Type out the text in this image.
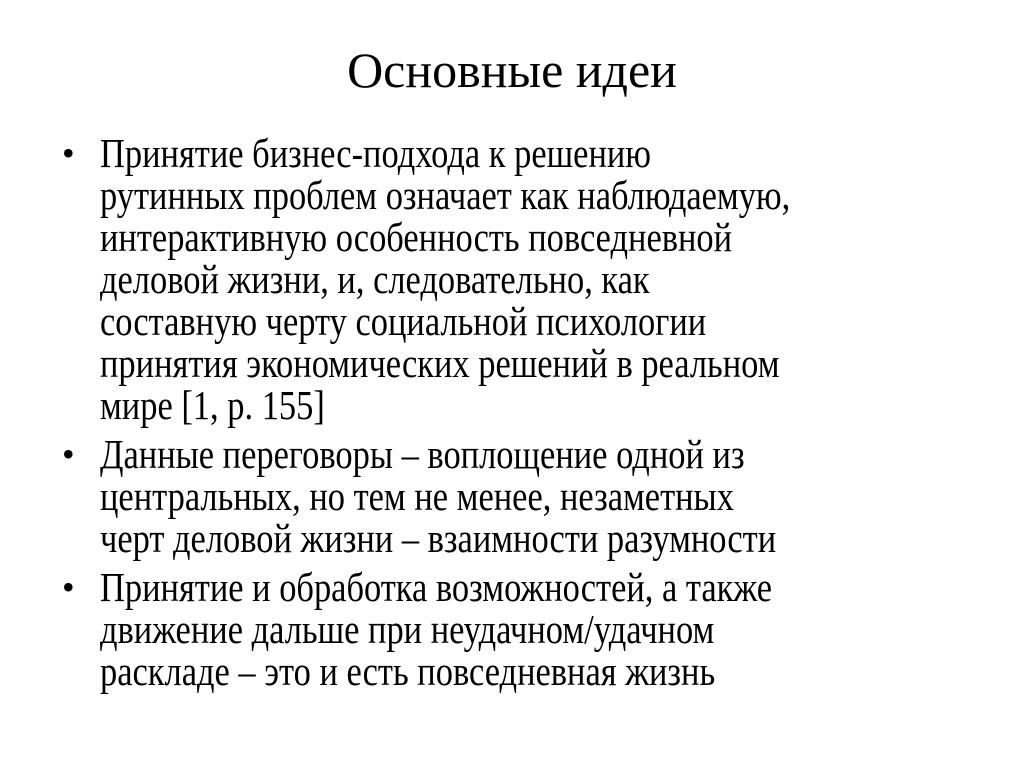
Основные идеи
• Принятие бизнес-подхода к решению
рутинных проблем означает как наблюдаемую,
интерактивную особенность повседневной
деловой жизни, и, следовательно, как
составную черту социальной психологии
принятия экономических решений в реальном
мире [1, р. 155]
• Данные переговоры – воплощение одной из
центральных, но тем не менее, незаметных
черт деловой жизни – взаимности разумности
• Принятие и обработка возможностей, а также
движение дальше при неудачном/удачном
раскладе – это и есть повседневная жизнь
